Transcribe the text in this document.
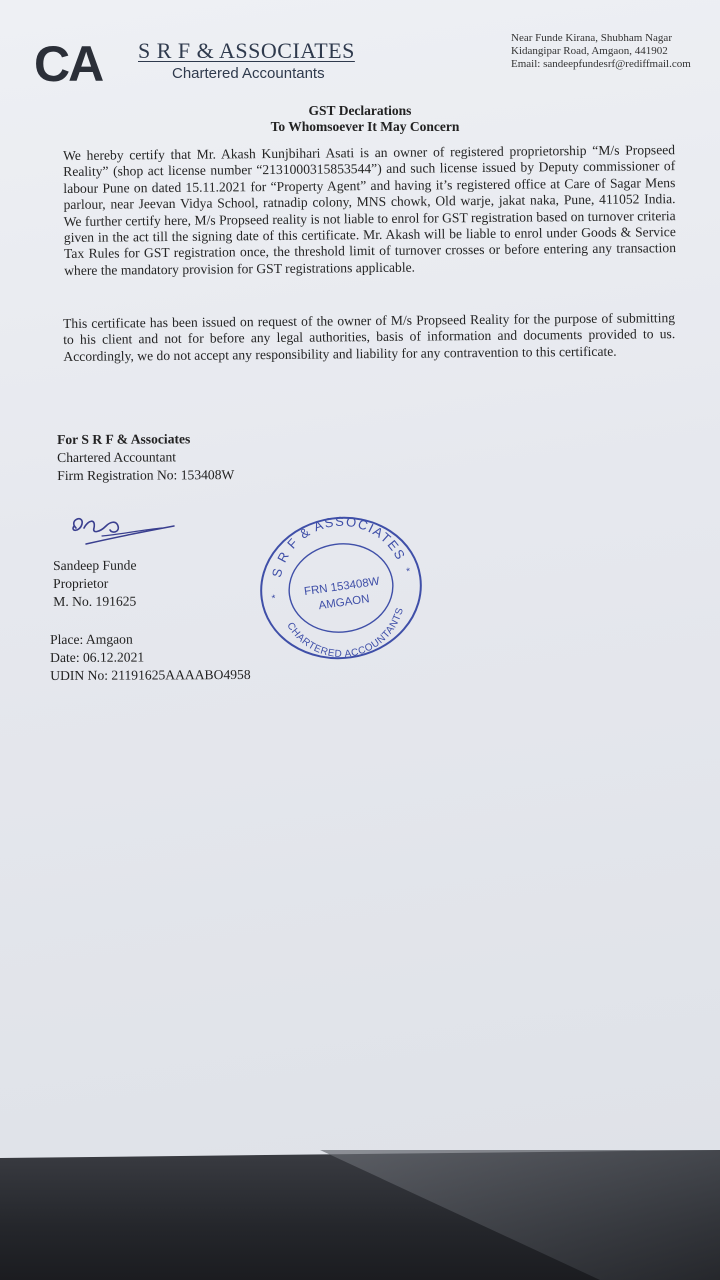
CA S R F & ASSOCIATES
Chartered Accountants
Near Funde Kirana, Shubham Nagar
Kidangipar Road, Amgaon, 441902
Email: sandeepfundesrf@rediffmail.com
GST Declarations
To Whomsoever It May Concern
We hereby certify that Mr. Akash Kunjbihari Asati is an owner of registered proprietorship “M/s Propseed Reality” (shop act license number “2131000315853544”) and such license issued by Deputy commissioner of labour Pune on dated 15.11.2021 for “Property Agent” and having it’s registered office at Care of Sagar Mens parlour, near Jeevan Vidya School, ratnadip colony, MNS chowk, Old warje, jakat naka, Pune, 411052 India. We further certify here, M/s Propseed reality is not liable to enrol for GST registration based on turnover criteria given in the act till the signing date of this certificate. Mr. Akash will be liable to enrol under Goods & Service Tax Rules for GST registration once, the threshold limit of turnover crosses or before entering any transaction where the mandatory provision for GST registrations applicable.
This certificate has been issued on request of the owner of M/s Propseed Reality for the purpose of submitting to his client and not for before any legal authorities, basis of information and documents provided to us. Accordingly, we do not accept any responsibility and liability for any contravention to this certificate.
For S R F & Associates
Chartered Accountant
Firm Registration No: 153408W
Sandeep Funde
Proprietor
M. No. 191625
Place: Amgaon
Date: 06.12.2021
UDIN No: 21191625AAAABO4958
S R F & ASSOCIATES
CHARTERED ACCOUNTANTS
FRN 153408W
AMGAON
*
*
